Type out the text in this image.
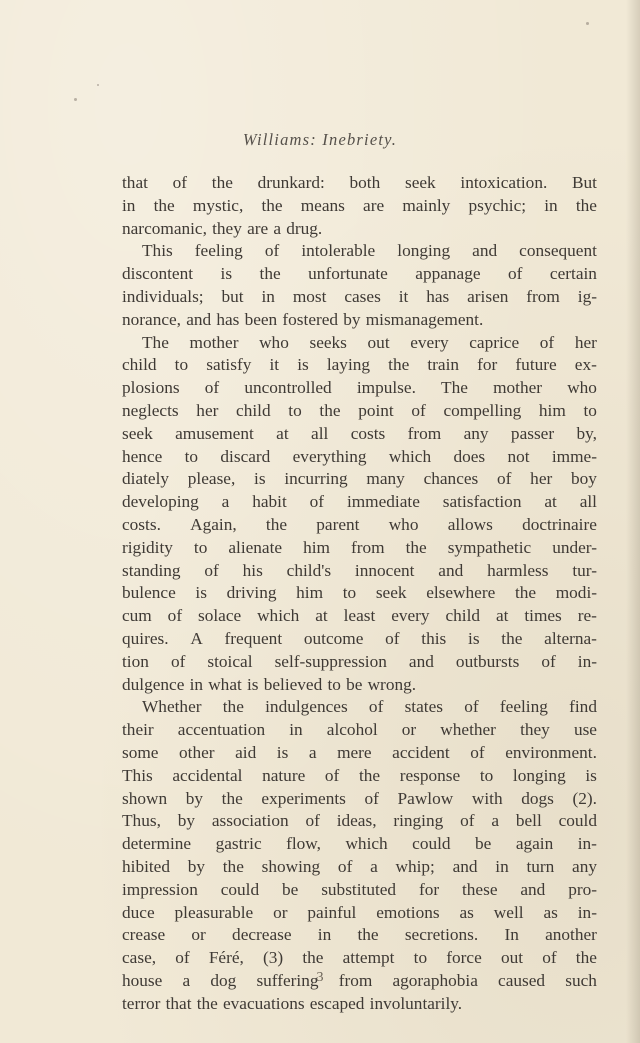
Williams: Inebriety.
that of the drunkard: both seek intoxication. But
in the mystic, the means are mainly psychic; in the
narcomanic, they are a drug.
This feeling of intolerable longing and consequent
discontent is the unfortunate appanage of certain
individuals; but in most cases it has arisen from ig-
norance, and has been fostered by mismanagement.
The mother who seeks out every caprice of her
child to satisfy it is laying the train for future ex-
plosions of uncontrolled impulse. The mother who
neglects her child to the point of compelling him to
seek amusement at all costs from any passer by,
hence to discard everything which does not imme-
diately please, is incurring many chances of her boy
developing a habit of immediate satisfaction at all
costs. Again, the parent who allows doctrinaire
rigidity to alienate him from the sympathetic under-
standing of his child's innocent and harmless tur-
bulence is driving him to seek elsewhere the modi-
cum of solace which at least every child at times re-
quires. A frequent outcome of this is the alterna-
tion of stoical self-suppression and outbursts of in-
dulgence in what is believed to be wrong.
Whether the indulgences of states of feeling find
their accentuation in alcohol or whether they use
some other aid is a mere accident of environment.
This accidental nature of the response to longing is
shown by the experiments of Pawlow with dogs (2).
Thus, by association of ideas, ringing of a bell could
determine gastric flow, which could be again in-
hibited by the showing of a whip; and in turn any
impression could be substituted for these and pro-
duce pleasurable or painful emotions as well as in-
crease or decrease in the secretions. In another
case, of Féré, (3) the attempt to force out of the
house a dog suffering from agoraphobia caused such
terror that the evacuations escaped involuntarily.
3
